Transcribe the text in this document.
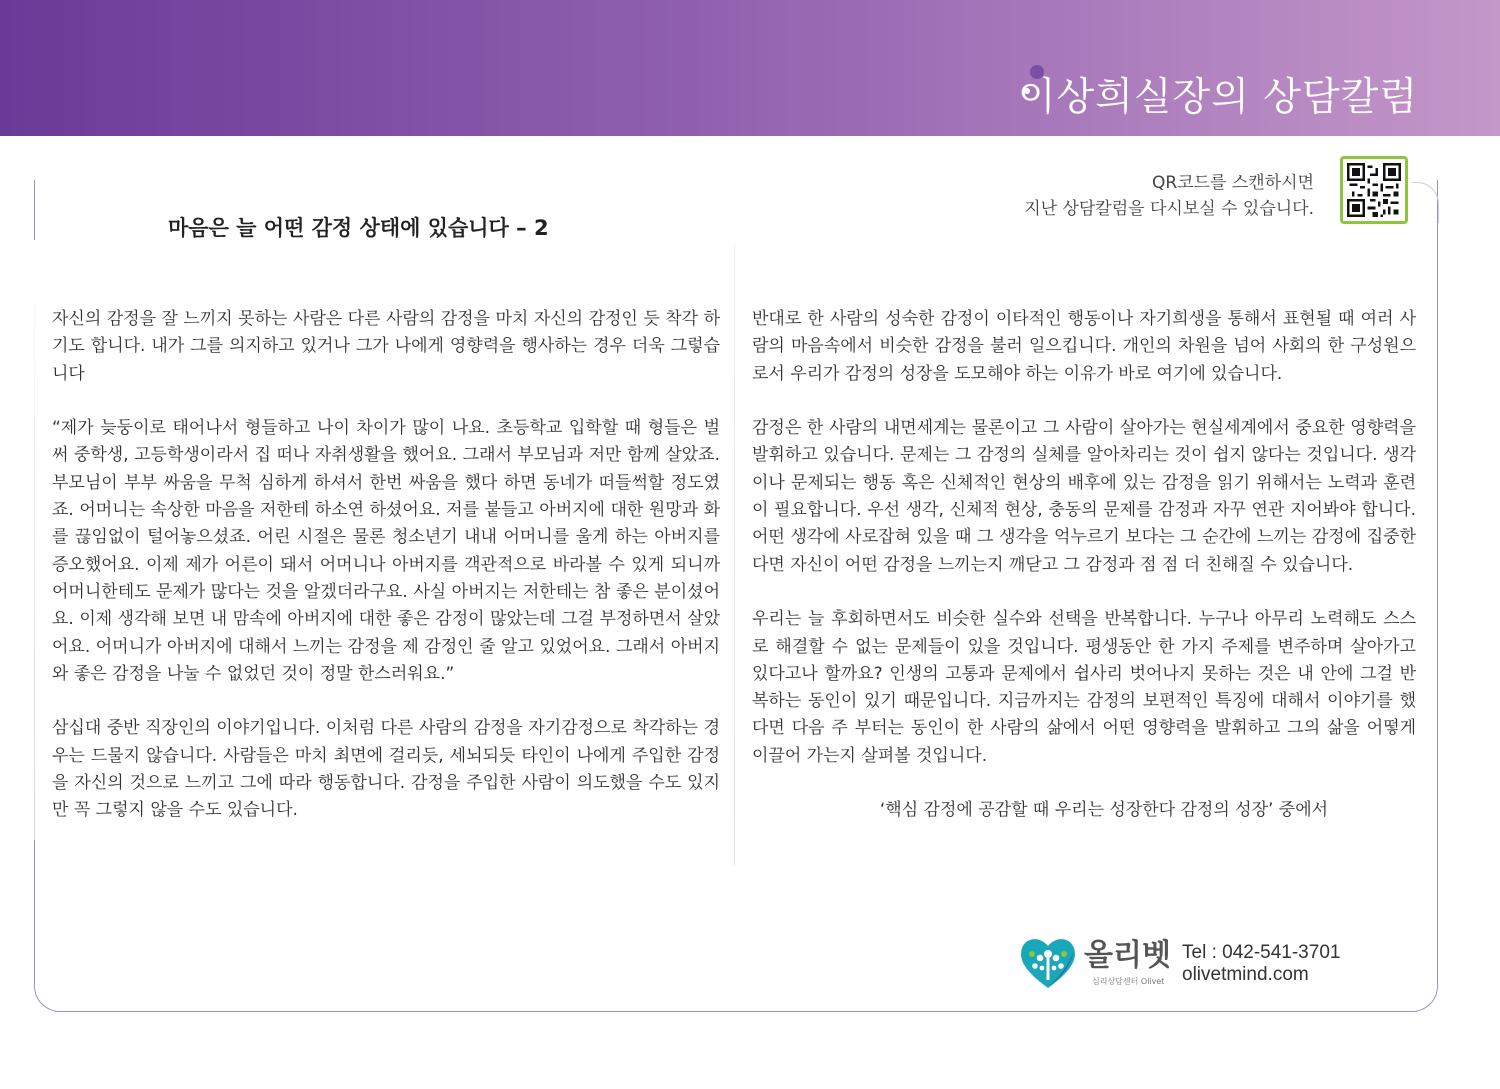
이상희실장의 상담칼럼
QR코드를 스캔하시면
지난 상담칼럼을 다시보실 수 있습니다.
마음은 늘 어떤 감정 상태에 있습니다 – 2

자신의 감정을 잘 느끼지 못하는 사람은 다른 사람의 감정을 마치 자신의 감정인 듯 착각 하기도 합니다. 내가 그를 의지하고 있거나 그가 나에게 영향력을 행사하는 경우 더욱 그렇습니다

“제가 늦둥이로 태어나서 형들하고 나이 차이가 많이 나요. 초등학교 입학할 때 형들은 벌써 중학생, 고등학생이라서 집 떠나 자취생활을 했어요. 그래서 부모님과 저만 함께 살았죠. 부모님이 부부 싸움을 무척 심하게 하셔서 한번 싸움을 했다 하면 동네가 떠들썩할 정도였죠. 어머니는 속상한 마음을 저한테 하소연 하셨어요. 저를 붙들고 아버지에 대한 원망과 화를 끊임없이 털어놓으셨죠. 어린 시절은 물론 청소년기 내내 어머니를 울게 하는 아버지를 증오했어요. 이제 제가 어른이 돼서 어머니나 아버지를 객관적으로 바라볼 수 있게 되니까 어머니한테도 문제가 많다는 것을 알겠더라구요. 사실 아버지는 저한테는 참 좋은 분이셨어요. 이제 생각해 보면 내 맘속에 아버지에 대한 좋은 감정이 많았는데 그걸 부정하면서 살았어요. 어머니가 아버지에 대해서 느끼는 감정을 제 감정인 줄 알고 있었어요. 그래서 아버지와 좋은 감정을 나눌 수 없었던 것이 정말 한스러워요.”

삼십대 중반 직장인의 이야기입니다. 이처럼 다른 사람의 감정을 자기감정으로 착각하는 경우는 드물지 않습니다. 사람들은 마치 최면에 걸리듯, 세뇌되듯 타인이 나에게 주입한 감정을 자신의 것으로 느끼고 그에 따라 행동합니다. 감정을 주입한 사람이 의도했을 수도 있지만 꼭 그렇지 않을 수도 있습니다.

반대로 한 사람의 성숙한 감정이 이타적인 행동이나 자기희생을 통해서 표현될 때 여러 사람의 마음속에서 비슷한 감정을 불러 일으킵니다. 개인의 차원을 넘어 사회의 한 구성원으로서 우리가 감정의 성장을 도모해야 하는 이유가 바로 여기에 있습니다.

감정은 한 사람의 내면세계는 물론이고 그 사람이 살아가는 현실세계에서 중요한 영향력을 발휘하고 있습니다. 문제는 그 감정의 실체를 알아차리는 것이 쉽지 않다는 것입니다. 생각이나 문제되는 행동 혹은 신체적인 현상의 배후에 있는 감정을 읽기 위해서는 노력과 훈련이 필요합니다. 우선 생각, 신체적 현상, 충동의 문제를 감정과 자꾸 연관 지어봐야 합니다. 어떤 생각에 사로잡혀 있을 때 그 생각을 억누르기 보다는 그 순간에 느끼는 감정에 집중한다면 자신이 어떤 감정을 느끼는지 깨닫고 그 감정과 점 점 더 친해질 수 있습니다.

우리는 늘 후회하면서도 비슷한 실수와 선택을 반복합니다. 누구나 아무리 노력해도 스스로 해결할 수 없는 문제들이 있을 것입니다. 평생동안 한 가지 주제를 변주하며 살아가고 있다고나 할까요? 인생의 고통과 문제에서 쉽사리 벗어나지 못하는 것은 내 안에 그걸 반복하는 동인이 있기 때문입니다. 지금까지는 감정의 보편적인 특징에 대해서 이야기를 했다면 다음 주 부터는 동인이 한 사람의 삶에서 어떤 영향력을 발휘하고 그의 삶을 어떻게 이끌어 가는지 살펴볼 것입니다.

‘핵심 감정에 공감할 때 우리는 성장한다 감정의 성장’ 중에서

올리벳
심리상담센터 Olivet
Tel : 042-541-3701
olivetmind.com
